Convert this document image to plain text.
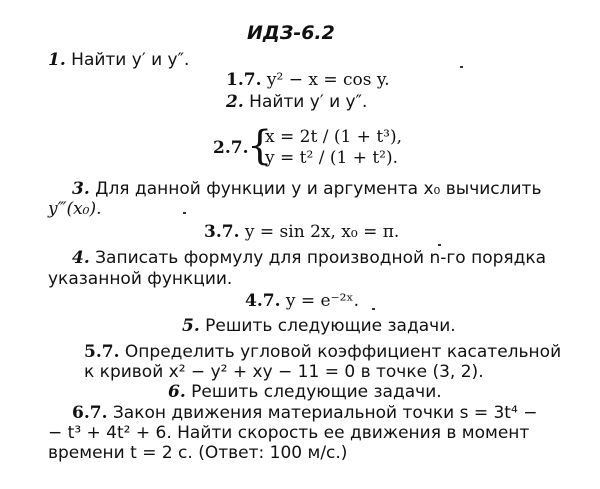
ИДЗ-6.2
1. Найти y′ и y″.
1.7. y² − x = cos y.
2. Найти y′ и y″.
2.7.
{
x = 2t / (1 + t³),
y = t² / (1 + t²).
3. Для данной функции y и аргумента x₀ вычислить
y‴(x₀).
3.7. y = sin 2x, x₀ = π.
4. Записать формулу для производной n-го порядка
указанной функции.
4.7. y = e⁻²ˣ.
5. Решить следующие задачи.
5.7. Определить угловой коэффициент касательной
к кривой x² − y² + xy − 11 = 0 в точке (3, 2).
6. Решить следующие задачи.
6.7. Закон движения материальной точки s = 3t⁴ −
− t³ + 4t² + 6. Найти скорость ее движения в момент
времени t = 2 с. (Ответ: 100 м/с.)
